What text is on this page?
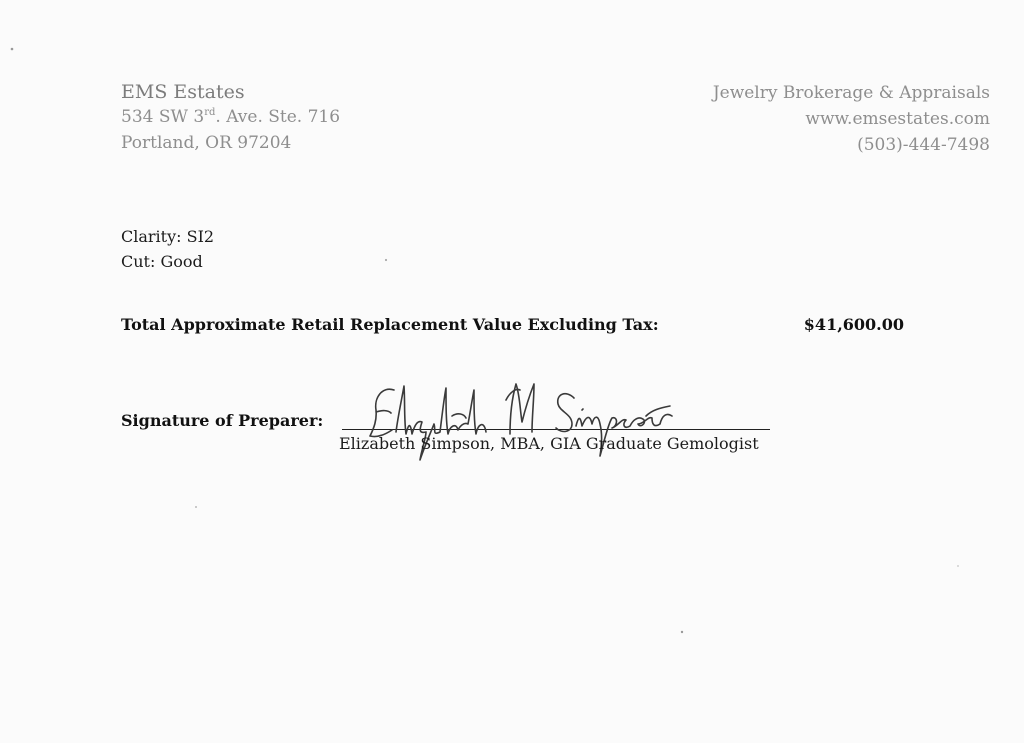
EMS Estates
534 SW 3rd. Ave. Ste. 716
Portland, OR 97204
Jewelry Brokerage & Appraisals
www.emsestates.com
(503)-444-7498
Clarity: SI2
Cut: Good
Total Approximate Retail Replacement Value Excluding Tax:	$41,600.00
Signature of Preparer:
Elizabeth Simpson, MBA, GIA Graduate Gemologist
